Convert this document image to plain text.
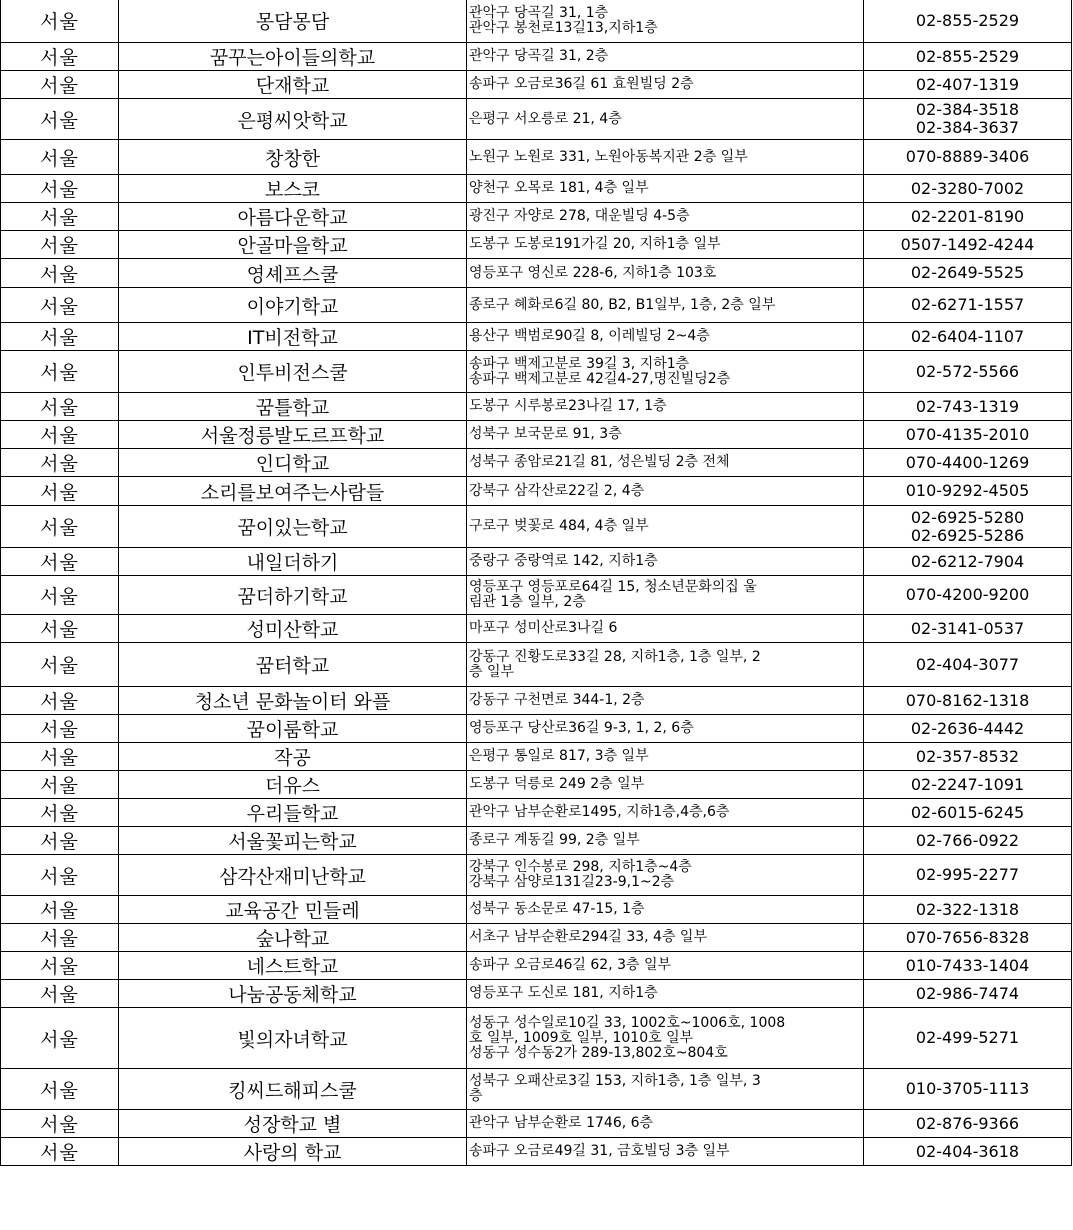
서울	몽담몽담	관악구 당곡길 31, 1층
관악구 봉천로13길13,지하1층	02-855-2529

서울	꿈꾸는아이들의학교	관악구 당곡길 31, 2층	02-855-2529

서울	단재학교	송파구 오금로36길 61 효원빌딩 2층	02-407-1319

서울	은평씨앗학교	은평구 서오릉로 21, 4층	02-384-3518
02-384-3637

서울	창창한	노원구 노원로 331, 노원아동복지관 2층 일부	070-8889-3406

서울	보스코	양천구 오목로 181, 4층 일부	02-3280-7002

서울	아름다운학교	광진구 자양로 278, 대운빌딩 4-5층	02-2201-8190

서울	안골마을학교	도봉구 도봉로191가길 20, 지하1층 일부	0507-1492-4244

서울	영셰프스쿨	영등포구 영신로 228-6, 지하1층 103호	02-2649-5525

서울	이야기학교	종로구 혜화로6길 80, B2, B1일부, 1층, 2층 일부	02-6271-1557

서울	IT비전학교	용산구 백범로90길 8, 이레빌딩 2~4층	02-6404-1107

서울	인투비전스쿨	송파구 백제고분로 39길 3, 지하1층
송파구 백제고분로 42길4-27,명진빌딩2층	02-572-5566

서울	꿈틀학교	도봉구 시루봉로23나길 17, 1층	02-743-1319

서울	서울정릉발도르프학교	성북구 보국문로 91, 3층	070-4135-2010

서울	인디학교	성북구 종암로21길 81, 성은빌딩 2층 전체	070-4400-1269

서울	소리를보여주는사람들	강북구 삼각산로22길 2, 4층	010-9292-4505

서울	꿈이있는학교	구로구 벚꽃로 484, 4층 일부	02-6925-5280
02-6925-5286

서울	내일더하기	중랑구 중랑역로 142, 지하1층	02-6212-7904

서울	꿈더하기학교	영등포구 영등포로64길 15, 청소년문화의집 울
림관 1층 일부, 2층	070-4200-9200

서울	성미산학교	마포구 성미산로3나길 6	02-3141-0537

서울	꿈터학교	강동구 진황도로33길 28, 지하1층, 1층 일부, 2
층 일부	02-404-3077

서울	청소년 문화놀이터 와플	강동구 구천면로 344-1, 2층	070-8162-1318

서울	꿈이룸학교	영등포구 당산로36길 9-3, 1, 2, 6층	02-2636-4442

서울	작공	은평구 통일로 817, 3층 일부	02-357-8532

서울	더유스	도봉구 덕릉로 249 2층 일부	02-2247-1091

서울	우리들학교	관악구 남부순환로1495, 지하1층,4층,6층	02-6015-6245

서울	서울꽃피는학교	종로구 계동길 99, 2층 일부	02-766-0922

서울	삼각산재미난학교	강북구 인수봉로 298, 지하1층~4층
강북구 삼양로131길23-9,1~2층	02-995-2277

서울	교육공간 민들레	성북구 동소문로 47-15, 1층	02-322-1318

서울	숲나학교	서초구 남부순환로294길 33, 4층 일부	070-7656-8328

서울	네스트학교	송파구 오금로46길 62, 3층 일부	010-7433-1404

서울	나눔공동체학교	영등포구 도신로 181, 지하1층	02-986-7474

서울	빛의자녀학교	성동구 성수일로10길 33, 1002호~1006호, 1008
호 일부, 1009호 일부, 1010호 일부
성동구 성수동2가 289-13,802호~804호	02-499-5271

서울	킹씨드해피스쿨	성북구 오패산로3길 153, 지하1층, 1층 일부, 3
층	010-3705-1113

서울	성장학교 별	관악구 남부순환로 1746, 6층	02-876-9366

서울	사랑의 학교	송파구 오금로49길 31, 금호빌딩 3층 일부	02-404-3618
